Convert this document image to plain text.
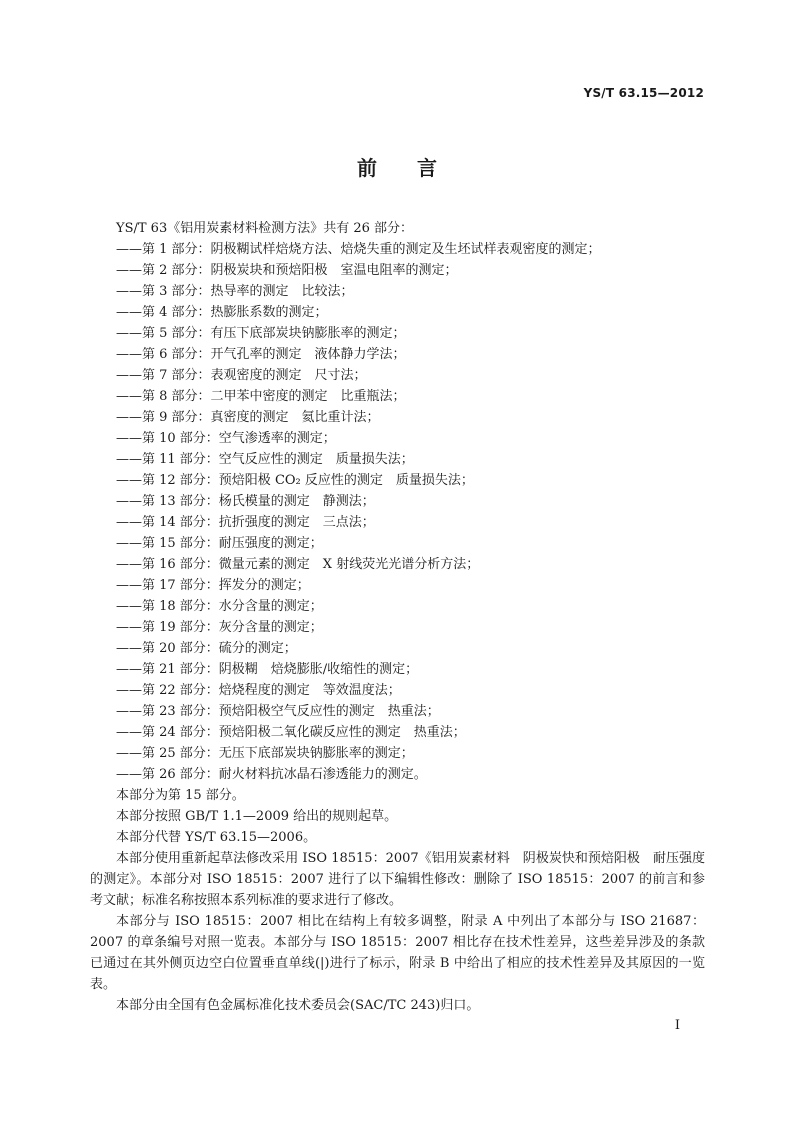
YS/T 63.15—2012
前 言
YS/T 63《铝用炭素材料检测方法》共有 26 部分：
——第 1 部分：阴极糊试样焙烧方法、焙烧失重的测定及生坯试样表观密度的测定；
——第 2 部分：阴极炭块和预焙阳极　室温电阻率的测定；
——第 3 部分：热导率的测定　比较法；
——第 4 部分：热膨胀系数的测定；
——第 5 部分：有压下底部炭块钠膨胀率的测定；
——第 6 部分：开气孔率的测定　液体静力学法；
——第 7 部分：表观密度的测定　尺寸法；
——第 8 部分：二甲苯中密度的测定　比重瓶法；
——第 9 部分：真密度的测定　氦比重计法；
——第 10 部分：空气渗透率的测定；
——第 11 部分：空气反应性的测定　质量损失法；
——第 12 部分：预焙阳极 CO₂ 反应性的测定　质量损失法；
——第 13 部分：杨氏模量的测定　静测法；
——第 14 部分：抗折强度的测定　三点法；
——第 15 部分：耐压强度的测定；
——第 16 部分：微量元素的测定　X 射线荧光光谱分析方法；
——第 17 部分：挥发分的测定；
——第 18 部分：水分含量的测定；
——第 19 部分：灰分含量的测定；
——第 20 部分：硫分的测定；
——第 21 部分：阴极糊　焙烧膨胀/收缩性的测定；
——第 22 部分：焙烧程度的测定　等效温度法；
——第 23 部分：预焙阳极空气反应性的测定　热重法；
——第 24 部分：预焙阳极二氧化碳反应性的测定　热重法；
——第 25 部分：无压下底部炭块钠膨胀率的测定；
——第 26 部分：耐火材料抗冰晶石渗透能力的测定。
本部分为第 15 部分。
本部分按照 GB/T 1.1—2009 给出的规则起草。
本部分代替 YS/T 63.15—2006。
本部分使用重新起草法修改采用 ISO 18515：2007《铝用炭素材料　阴极炭快和预焙阳极　耐压强度的测定》。本部分对 ISO 18515：2007 进行了以下编辑性修改：删除了 ISO 18515：2007 的前言和参考文献；标准名称按照本系列标准的要求进行了修改。
本部分与 ISO 18515：2007 相比在结构上有较多调整，附录 A 中列出了本部分与 ISO 21687：2007 的章条编号对照一览表。本部分与 ISO 18515：2007 相比存在技术性差异，这些差异涉及的条款已通过在其外侧页边空白位置垂直单线(|)进行了标示，附录 B 中给出了相应的技术性差异及其原因的一览表。
本部分由全国有色金属标准化技术委员会(SAC/TC 243)归口。
I
